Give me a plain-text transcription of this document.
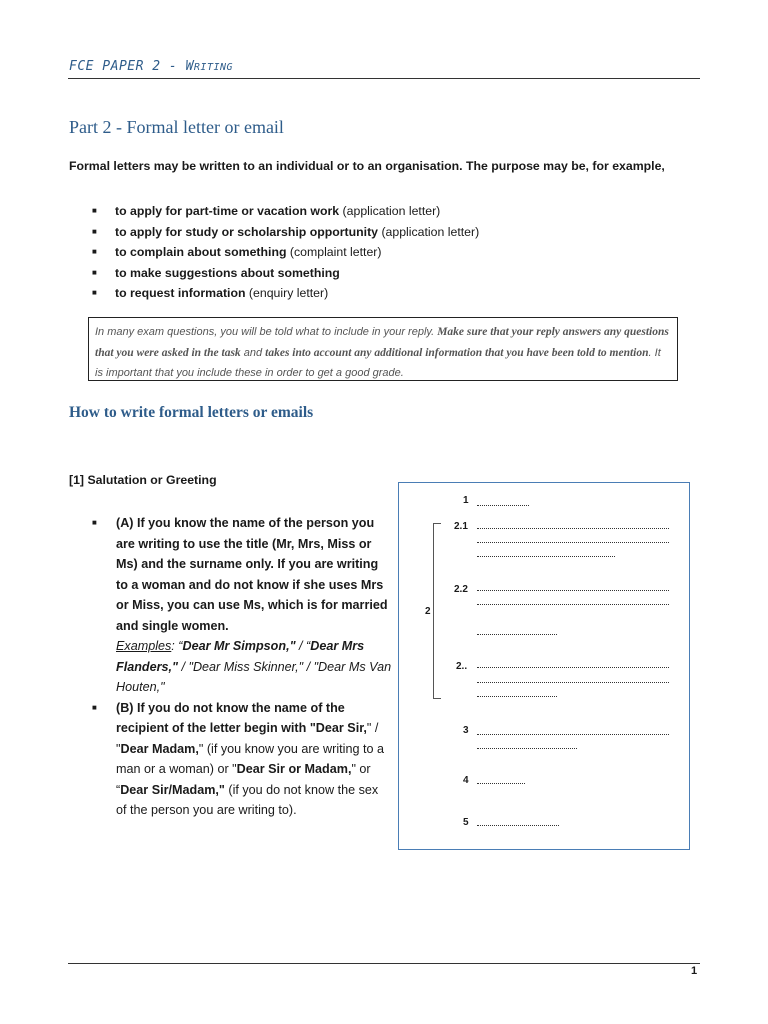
FCE PAPER 2 - WRITING
Part 2 - Formal letter or email
Formal letters may be written to an individual or to an organisation. The purpose may be, for example,
■ to apply for part-time or vacation work (application letter)
■ to apply for study or scholarship opportunity (application letter)
■ to complain about something (complaint letter)
■ to make suggestions about something
■ to request information (enquiry letter)
In many exam questions, you will be told what to include in your reply. Make sure that your reply answers any questions that you were asked in the task and takes into account any additional information that you have been told to mention. It is important that you include these in order to get a good grade.
How to write formal letters or emails
[1] Salutation or Greeting
■ (A) If you know the name of the person you are writing to use the title (Mr, Mrs, Miss or Ms) and the surname only. If you are writing to a woman and do not know if she uses Mrs or Miss, you can use Ms, which is for married and single women.
Examples: “Dear Mr Simpson," / “Dear Mrs Flanders," / "Dear Miss Skinner," / "Dear Ms Van Houten,"
■ (B) If you do not know the name of the recipient of the letter begin with "Dear Sir," / "Dear Madam," (if you know you are writing to a man or a woman) or "Dear Sir or Madam," or “Dear Sir/Madam," (if you do not know the sex of the person you are writing to).
1
2
2.1
2.2
2..
3
4
5
1
